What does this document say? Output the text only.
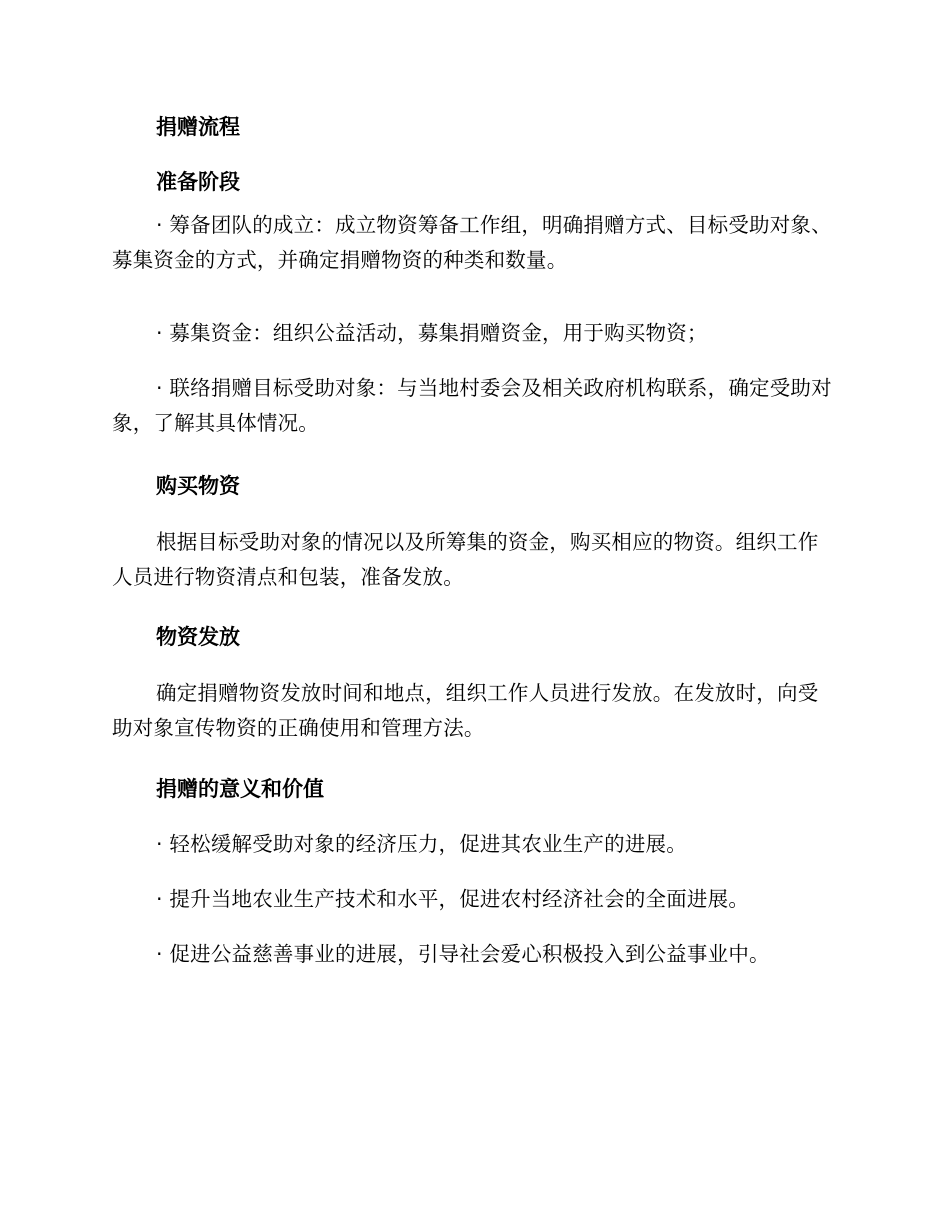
捐赠流程
准备阶段

· 筹备团队的成立：成立物资筹备工作组，明确捐赠方式、目标受助对象、募集资金的方式，并确定捐赠物资的种类和数量。

· 募集资金：组织公益活动，募集捐赠资金，用于购买物资；

· 联络捐赠目标受助对象：与当地村委会及相关政府机构联系，确定受助对象，了解其具体情况。

购买物资

根据目标受助对象的情况以及所筹集的资金，购买相应的物资。组织工作人员进行物资清点和包装，准备发放。

物资发放

确定捐赠物资发放时间和地点，组织工作人员进行发放。在发放时，向受助对象宣传物资的正确使用和管理方法。

捐赠的意义和价值

· 轻松缓解受助对象的经济压力，促进其农业生产的进展。

· 提升当地农业生产技术和水平，促进农村经济社会的全面进展。

· 促进公益慈善事业的进展，引导社会爱心积极投入到公益事业中。
